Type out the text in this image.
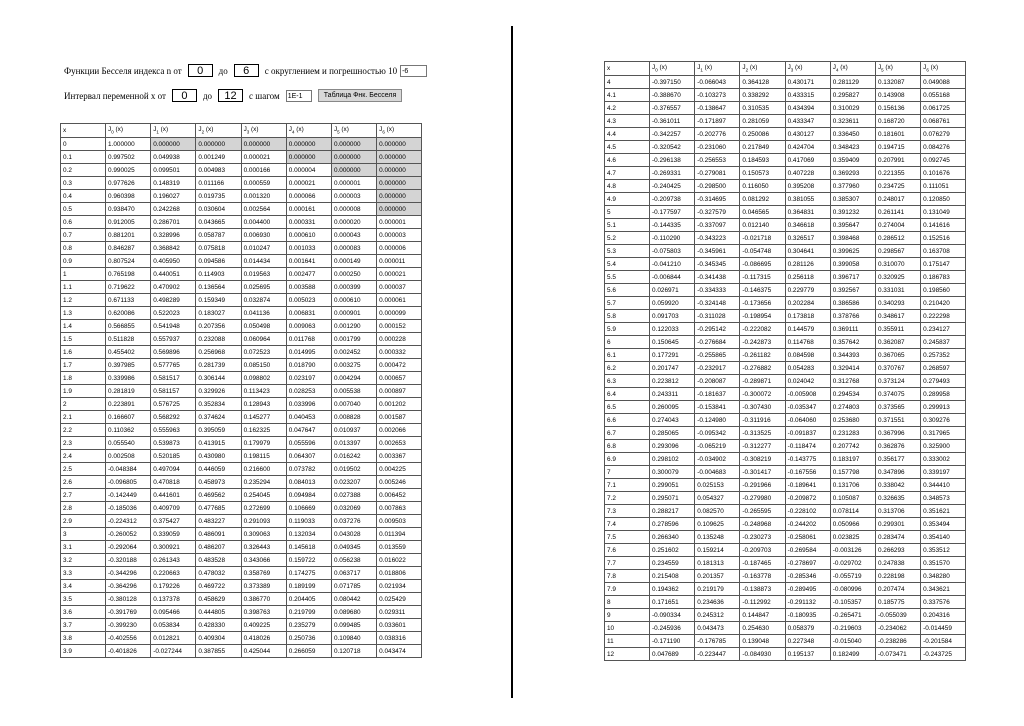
Функции Бесселя индекса n от	0	до	6	с округлением и погрешностью 10 -6
Интервал переменной x от	0	до	12	с шагом 1E-1	Таблица Фнк. Бесселя
x	$J_0$ (x)	$J_1$ (x)	$J_2$ (x)	$J_3$ (x)	$J_4$ (x)	$J_5$ (x)	$J_6$ (x)
0	1.000000	0.000000	0.000000	0.000000	0.000000	0.000000	0.000000
0.1	0.997502	0.049938	0.001249	0.000021	0.000000	0.000000	0.000000
0.2	0.990025	0.099501	0.004983	0.000166	0.000004	0.000000	0.000000
0.3	0.977626	0.148319	0.011166	0.000559	0.000021	0.000001	0.000000
0.4	0.960398	0.196027	0.019735	0.001320	0.000066	0.000003	0.000000
0.5	0.938470	0.242268	0.030604	0.002564	0.000161	0.000008	0.000000
0.6	0.912005	0.286701	0.043665	0.004400	0.000331	0.000020	0.000001
0.7	0.881201	0.328996	0.058787	0.006930	0.000610	0.000043	0.000003
0.8	0.846287	0.368842	0.075818	0.010247	0.001033	0.000083	0.000006
0.9	0.807524	0.405950	0.094586	0.014434	0.001641	0.000149	0.000011
1	0.765198	0.440051	0.114903	0.019563	0.002477	0.000250	0.000021
1.1	0.719622	0.470902	0.136564	0.025695	0.003588	0.000399	0.000037
1.2	0.671133	0.498289	0.159349	0.032874	0.005023	0.000610	0.000061
1.3	0.620086	0.522023	0.183027	0.041136	0.006831	0.000901	0.000099
1.4	0.566855	0.541948	0.207356	0.050498	0.009063	0.001290	0.000152
1.5	0.511828	0.557937	0.232088	0.060964	0.011768	0.001799	0.000228
1.6	0.455402	0.569896	0.256968	0.072523	0.014995	0.002452	0.000332
1.7	0.397985	0.577765	0.281739	0.085150	0.018790	0.003275	0.000472
1.8	0.339986	0.581517	0.306144	0.098802	0.023197	0.004294	0.000657
1.9	0.281819	0.581157	0.329926	0.113423	0.028253	0.005538	0.000897
2	0.223891	0.576725	0.352834	0.128943	0.033996	0.007040	0.001202
2.1	0.166607	0.568292	0.374624	0.145277	0.040453	0.008828	0.001587
2.2	0.110362	0.555963	0.395059	0.162325	0.047647	0.010937	0.002066
2.3	0.055540	0.539873	0.413915	0.179979	0.055596	0.013397	0.002653
2.4	0.002508	0.520185	0.430980	0.198115	0.064307	0.016242	0.003367
2.5	-0.048384	0.497094	0.446059	0.216600	0.073782	0.019502	0.004225
2.6	-0.096805	0.470818	0.458973	0.235294	0.084013	0.023207	0.005246
2.7	-0.142449	0.441601	0.469562	0.254045	0.094984	0.027388	0.006452
2.8	-0.185036	0.409709	0.477685	0.272699	0.106669	0.032069	0.007863
2.9	-0.224312	0.375427	0.483227	0.291093	0.119033	0.037276	0.009503
3	-0.260052	0.339059	0.486091	0.309063	0.132034	0.043028	0.011394
3.1	-0.292064	0.300921	0.486207	0.326443	0.145618	0.049345	0.013559
3.2	-0.320188	0.261343	0.483528	0.343066	0.159722	0.056238	0.016022
3.3	-0.344296	0.220663	0.478032	0.358769	0.174275	0.063717	0.018806
3.4	-0.364296	0.179226	0.469722	0.373389	0.189199	0.071785	0.021934
3.5	-0.380128	0.137378	0.458629	0.386770	0.204405	0.080442	0.025429
3.6	-0.391769	0.095466	0.444805	0.398763	0.219799	0.089680	0.029311
3.7	-0.399230	0.053834	0.428330	0.409225	0.235279	0.099485	0.033601
3.8	-0.402556	0.012821	0.409304	0.418026	0.250736	0.109840	0.038316
3.9	-0.401826	-0.027244	0.387855	0.425044	0.266059	0.120718	0.043474
x	$J_0$ (x)	$J_1$ (x)	$J_2$ (x)	$J_3$ (x)	$J_4$ (x)	$J_5$ (x)	$J_6$ (x)
4	-0.397150	-0.066043	0.364128	0.430171	0.281129	0.132087	0.049088
4.1	-0.388670	-0.103273	0.338292	0.433315	0.295827	0.143908	0.055168
4.2	-0.376557	-0.138647	0.310535	0.434394	0.310029	0.156136	0.061725
4.3	-0.361011	-0.171897	0.281059	0.433347	0.323611	0.168720	0.068761
4.4	-0.342257	-0.202776	0.250086	0.430127	0.336450	0.181601	0.076279
4.5	-0.320542	-0.231060	0.217849	0.424704	0.348423	0.194715	0.084276
4.6	-0.296138	-0.256553	0.184593	0.417069	0.359409	0.207991	0.092745
4.7	-0.269331	-0.279081	0.150573	0.407228	0.369293	0.221355	0.101676
4.8	-0.240425	-0.298500	0.116050	0.395208	0.377960	0.234725	0.111051
4.9	-0.209738	-0.314695	0.081292	0.381055	0.385307	0.248017	0.120850
5	-0.177597	-0.327579	0.046565	0.364831	0.391232	0.261141	0.131049
5.1	-0.144335	-0.337097	0.012140	0.346618	0.395647	0.274004	0.141616
5.2	-0.110290	-0.343223	-0.021718	0.326517	0.398468	0.286512	0.152516
5.3	-0.075803	-0.345961	-0.054748	0.304641	0.399625	0.298567	0.163708
5.4	-0.041210	-0.345345	-0.086695	0.281126	0.399058	0.310070	0.175147
5.5	-0.006844	-0.341438	-0.117315	0.256118	0.396717	0.320925	0.186783
5.6	0.026971	-0.334333	-0.146375	0.229779	0.392567	0.331031	0.198560
5.7	0.059920	-0.324148	-0.173656	0.202284	0.386586	0.340293	0.210420
5.8	0.091703	-0.311028	-0.198954	0.173818	0.378766	0.348617	0.222298
5.9	0.122033	-0.295142	-0.222082	0.144579	0.369111	0.355911	0.234127
6	0.150645	-0.276684	-0.242873	0.114768	0.357642	0.362087	0.245837
6.1	0.177291	-0.255865	-0.261182	0.084598	0.344393	0.367065	0.257352
6.2	0.201747	-0.232917	-0.276882	0.054283	0.329414	0.370767	0.268597
6.3	0.223812	-0.208087	-0.289871	0.024042	0.312768	0.373124	0.279493
6.4	0.243311	-0.181637	-0.300072	-0.005908	0.294534	0.374075	0.289958
6.5	0.260095	-0.153841	-0.307430	-0.035347	0.274803	0.373565	0.299913
6.6	0.274043	-0.124980	-0.311916	-0.064060	0.253680	0.371551	0.309276
6.7	0.285065	-0.095342	-0.313525	-0.091837	0.231283	0.367996	0.317965
6.8	0.293096	-0.065219	-0.312277	-0.118474	0.207742	0.362876	0.325900
6.9	0.298102	-0.034902	-0.308219	-0.143775	0.183197	0.356177	0.333002
7	0.300079	-0.004683	-0.301417	-0.167556	0.157798	0.347896	0.339197
7.1	0.299051	0.025153	-0.291966	-0.189641	0.131706	0.338042	0.344410
7.2	0.295071	0.054327	-0.279980	-0.209872	0.105087	0.326635	0.348573
7.3	0.288217	0.082570	-0.265595	-0.228102	0.078114	0.313706	0.351621
7.4	0.278596	0.109625	-0.248968	-0.244202	0.050966	0.299301	0.353494
7.5	0.266340	0.135248	-0.230273	-0.258061	0.023825	0.283474	0.354140
7.6	0.251602	0.159214	-0.209703	-0.269584	-0.003126	0.266293	0.353512
7.7	0.234559	0.181313	-0.187465	-0.278697	-0.029702	0.247838	0.351570
7.8	0.215408	0.201357	-0.163778	-0.285346	-0.055719	0.228198	0.348280
7.9	0.194362	0.219179	-0.138873	-0.289495	-0.080996	0.207474	0.343621
8	0.171651	0.234636	-0.112992	-0.291132	-0.105357	0.185775	0.337576
9	-0.090334	0.245312	0.144847	-0.180935	-0.265471	-0.055039	0.204316
10	-0.245936	0.043473	0.254630	0.058379	-0.219603	-0.234062	-0.014459
11	-0.171190	-0.176785	0.139048	0.227348	-0.015040	-0.238286	-0.201584
12	0.047689	-0.223447	-0.084930	0.195137	0.182499	-0.073471	-0.243725
